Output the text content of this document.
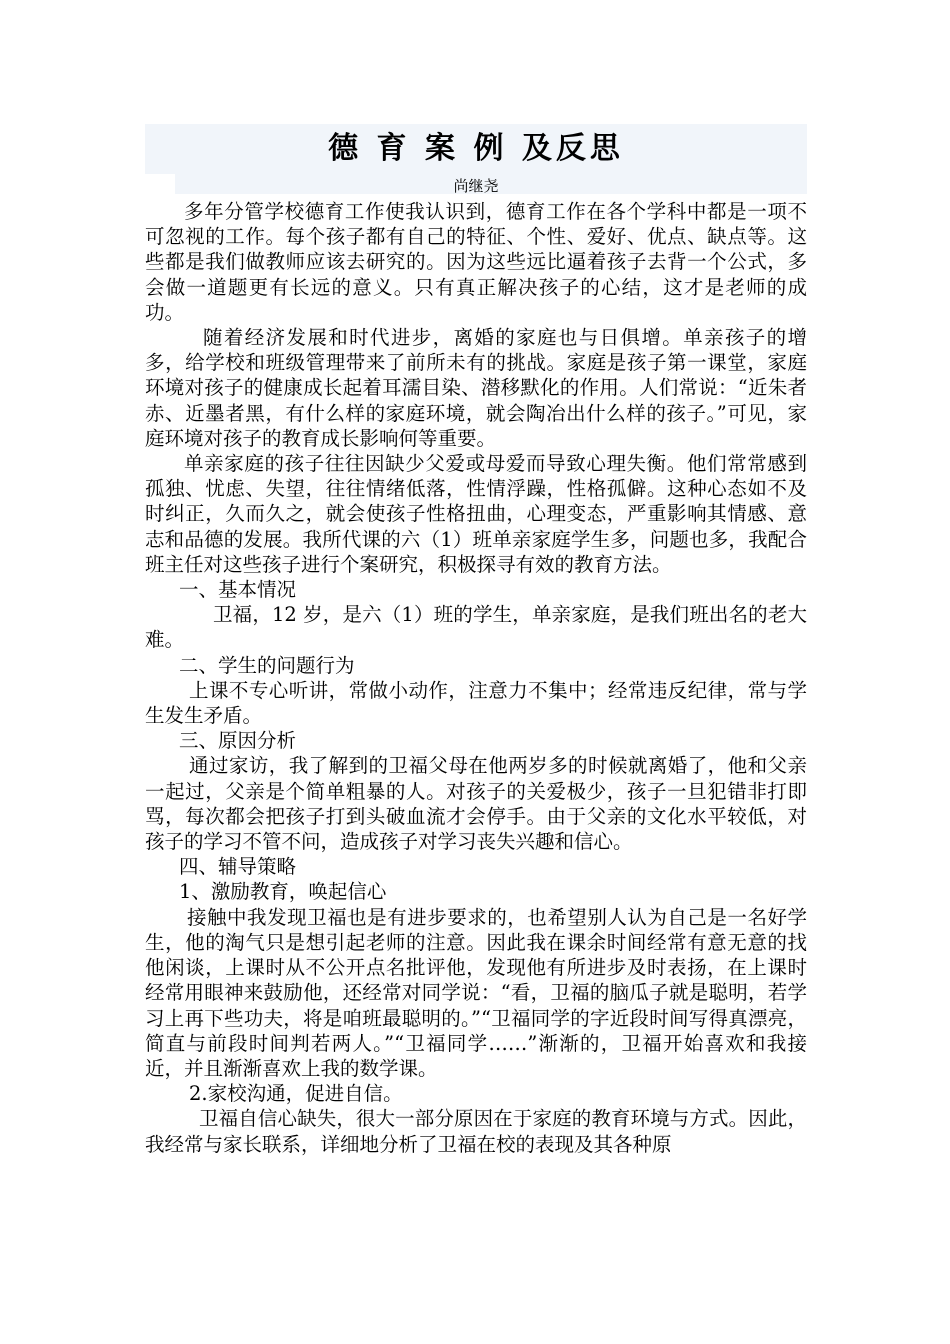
德 育 案 例 及反思
尚继尧

多年分管学校德育工作使我认识到，德育工作在各个学科中都是一项不可忽视的工作。每个孩子都有自己的特征、个性、爱好、优点、缺点等。这些都是我们做教师应该去研究的。因为这些远比逼着孩子去背一个公式，多会做一道题更有长远的意义。只有真正解决孩子的心结，这才是老师的成功。

随着经济发展和时代进步，离婚的家庭也与日俱增。单亲孩子的增多，给学校和班级管理带来了前所未有的挑战。家庭是孩子第一课堂，家庭环境对孩子的健康成长起着耳濡目染、潜移默化的作用。人们常说：“近朱者赤、近墨者黑，有什么样的家庭环境，就会陶冶出什么样的孩子。”可见，家庭环境对孩子的教育成长影响何等重要。

单亲家庭的孩子往往因缺少父爱或母爱而导致心理失衡。他们常常感到孤独、忧虑、失望，往往情绪低落，性情浮躁，性格孤僻。这种心态如不及时纠正，久而久之，就会使孩子性格扭曲，心理变态，严重影响其情感、意志和品德的发展。我所代课的六（1）班单亲家庭学生多，问题也多，我配合班主任对这些孩子进行个案研究，积极探寻有效的教育方法。

一、基本情况

卫福，12 岁，是六（1）班的学生，单亲家庭，是我们班出名的老大难。

二、学生的问题行为

上课不专心听讲，常做小动作，注意力不集中；经常违反纪律，常与学生发生矛盾。

三、原因分析

通过家访，我了解到的卫福父母在他两岁多的时候就离婚了，他和父亲一起过，父亲是个简单粗暴的人。对孩子的关爱极少，孩子一旦犯错非打即骂，每次都会把孩子打到头破血流才会停手。由于父亲的文化水平较低，对孩子的学习不管不问，造成孩子对学习丧失兴趣和信心。

四、辅导策略

1、激励教育，唤起信心

接触中我发现卫福也是有进步要求的，也希望别人认为自己是一名好学生，他的淘气只是想引起老师的注意。因此我在课余时间经常有意无意的找他闲谈，上课时从不公开点名批评他，发现他有所进步及时表扬，在上课时经常用眼神来鼓励他，还经常对同学说：“看，卫福的脑瓜子就是聪明，若学习上再下些功夫，将是咱班最聪明的。”“卫福同学的字近段时间写得真漂亮，简直与前段时间判若两人。”“卫福同学……”渐渐的，卫福开始喜欢和我接近，并且渐渐喜欢上我的数学课。

2.家校沟通，促进自信。

卫福自信心缺失，很大一部分原因在于家庭的教育环境与方式。因此，我经常与家长联系，详细地分析了卫福在校的表现及其各种原
